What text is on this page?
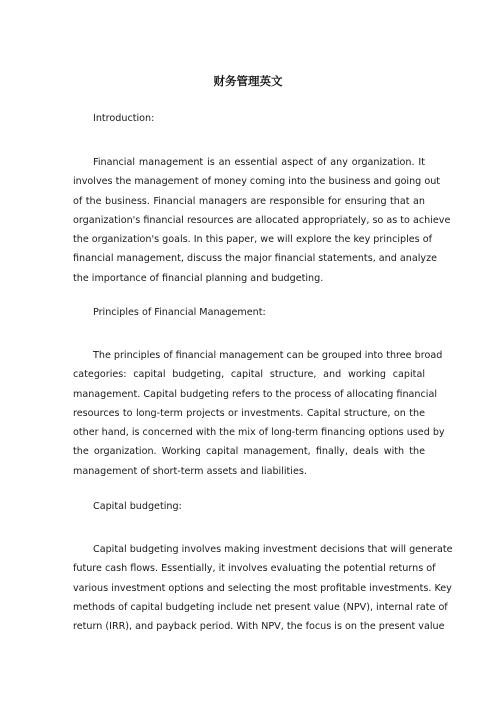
财务管理英文

Introduction:

Financial management is an essential aspect of any organization. It
involves the management of money coming into the business and going out
of the business. Financial managers are responsible for ensuring that an
organization's financial resources are allocated appropriately, so as to achieve
the organization's goals. In this paper, we will explore the key principles of
financial management, discuss the major financial statements, and analyze
the importance of financial planning and budgeting.

Principles of Financial Management:

The principles of financial management can be grouped into three broad
categories: capital budgeting, capital structure, and working capital
management. Capital budgeting refers to the process of allocating financial
resources to long-term projects or investments. Capital structure, on the
other hand, is concerned with the mix of long-term financing options used by
the organization. Working capital management, finally, deals with the
management of short-term assets and liabilities.

Capital budgeting:

Capital budgeting involves making investment decisions that will generate
future cash flows. Essentially, it involves evaluating the potential returns of
various investment options and selecting the most profitable investments. Key
methods of capital budgeting include net present value (NPV), internal rate of
return (IRR), and payback period. With NPV, the focus is on the present value
